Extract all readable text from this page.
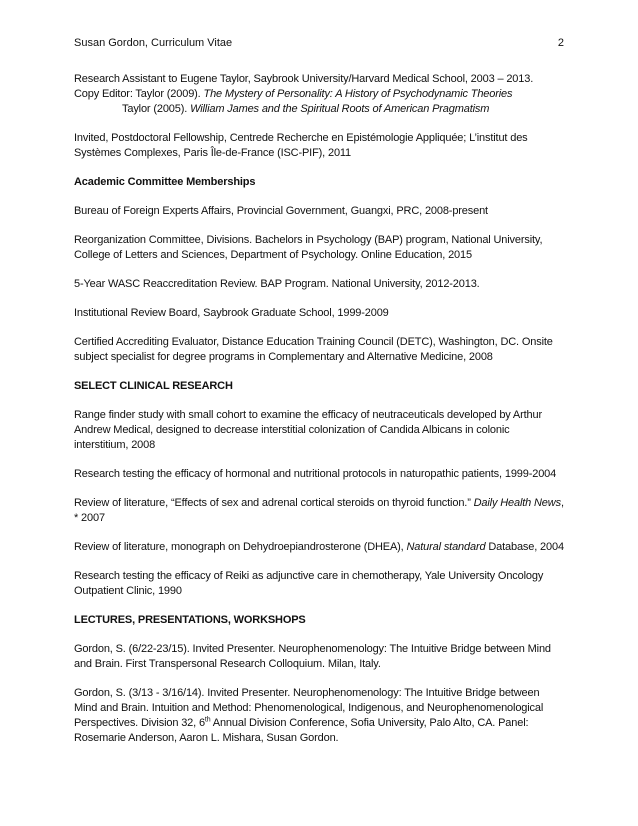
Susan Gordon, Curriculum Vitae	2

Research Assistant to Eugene Taylor, Saybrook University/Harvard Medical School, 2003 – 2013.
Copy Editor: Taylor (2009). The Mystery of Personality: A History of Psychodynamic Theories

Taylor (2005). William James and the Spiritual Roots of American Pragmatism

Invited, Postdoctoral Fellowship, Centrede Recherche en Epistémologie Appliquée; L’institut des Systèmes Complexes, Paris Île-de-France (ISC-PIF), 2011

Academic Committee Memberships

Bureau of Foreign Experts Affairs, Provincial Government, Guangxi, PRC, 2008-present

Reorganization Committee, Divisions. Bachelors in Psychology (BAP) program, National University, College of Letters and Sciences, Department of Psychology. Online Education, 2015

5-Year WASC Reaccreditation Review. BAP Program. National University, 2012-2013.

Institutional Review Board, Saybrook Graduate School, 1999-2009

Certified Accrediting Evaluator, Distance Education Training Council (DETC), Washington, DC. Onsite subject specialist for degree programs in Complementary and Alternative Medicine, 2008

SELECT CLINICAL RESEARCH

Range finder study with small cohort to examine the efficacy of neutraceuticals developed by Arthur Andrew Medical, designed to decrease interstitial colonization of Candida Albicans in colonic interstitium, 2008

Research testing the efficacy of hormonal and nutritional protocols in naturopathic patients, 1999-2004

Review of literature, “Effects of sex and adrenal cortical steroids on thyroid function.” Daily Health News, * 2007

Review of literature, monograph on Dehydroepiandrosterone (DHEA), Natural standard Database, 2004

Research testing the efficacy of Reiki as adjunctive care in chemotherapy, Yale University Oncology Outpatient Clinic, 1990

LECTURES, PRESENTATIONS, WORKSHOPS

Gordon, S. (6/22-23/15). Invited Presenter. Neurophenomenology: The Intuitive Bridge between Mind and Brain. First Transpersonal Research Colloquium. Milan, Italy.

Gordon, S. (3/13 - 3/16/14). Invited Presenter. Neurophenomenology: The Intuitive Bridge between Mind and Brain. Intuition and Method: Phenomenological, Indigenous, and Neurophenomenological Perspectives. Division 32, 6th Annual Division Conference, Sofia University, Palo Alto, CA. Panel: Rosemarie Anderson, Aaron L. Mishara, Susan Gordon.
